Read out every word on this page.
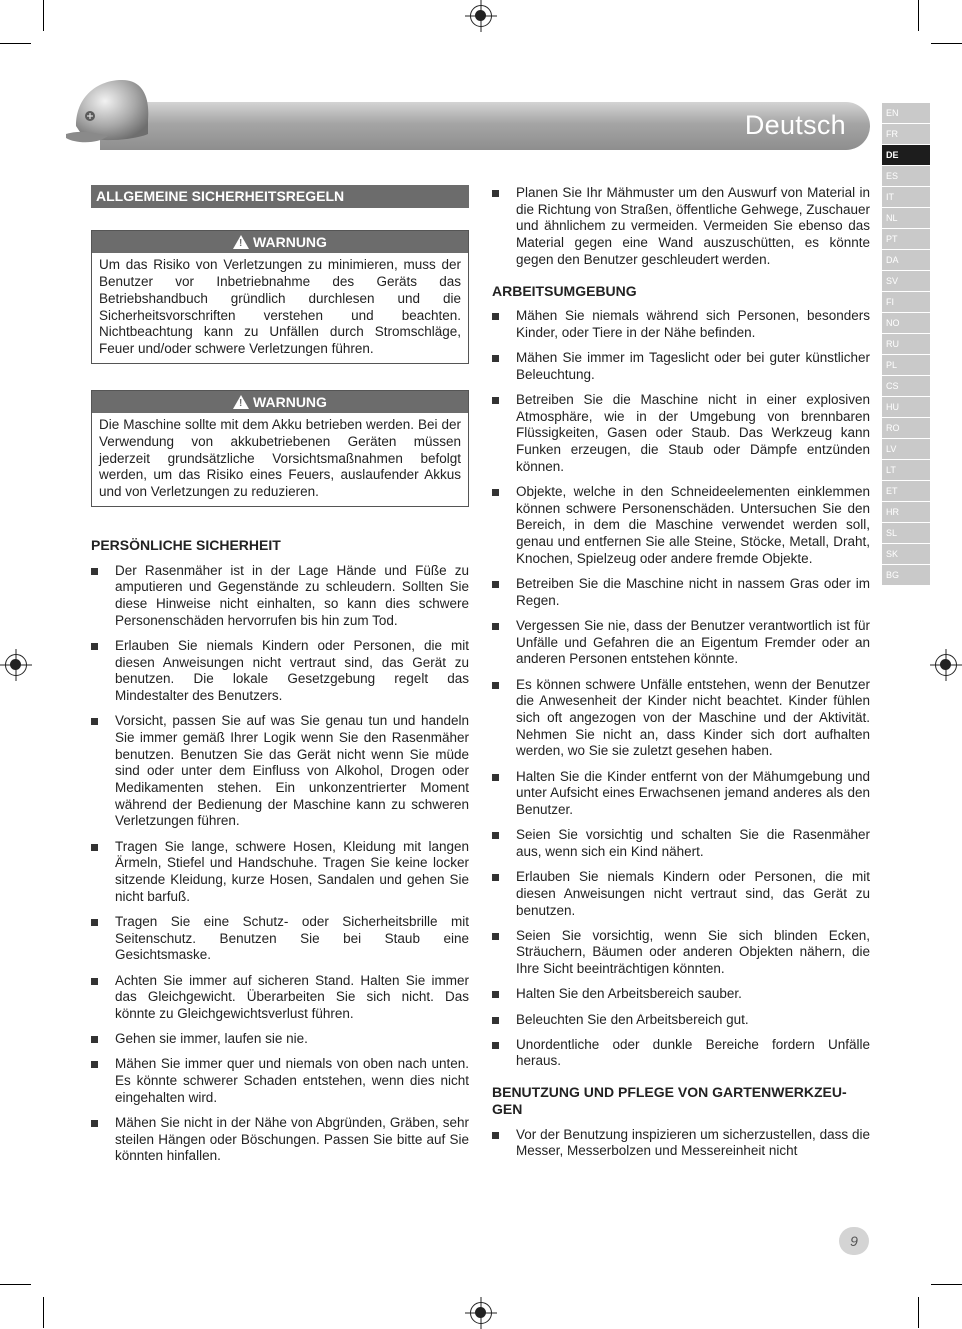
Deutsch	EN
FR
DE
ES
IT
NL
PT
DA
SV
FI
NO
RU
PL
CS
HU
RO
LV
LT
ET
HR
SL
SK
BG
ALLGEMEINE SICHERHEITSREGELN
!WARNUNG
Um das Risiko von Verletzungen zu minimieren, muss der Benutzer vor Inbetriebnahme des Geräts das Betriebshandbuch gründlich durchlesen und die Sicherheitsvorschriften verstehen und beachten. Nichtbeachtung kann zu Unfällen durch Stromschläge, Feuer und/oder schwere Verletzungen führen.
!WARNUNG
Die Maschine sollte mit dem Akku betrieben werden. Bei der Verwendung von akkubetriebenen Geräten müssen jederzeit grundsätzliche Vorsichtsmaßnahmen befolgt werden, um das Risiko eines Feuers, auslaufender Akkus und von Verletzungen zu reduzieren.
PERSÖNLICHE SICHERHEIT
Der Rasenmäher ist in der Lage Hände und Füße zu amputieren und Gegenstände zu schleudern. Sollten Sie diese Hinweise nicht einhalten, so kann dies schwere Personenschäden hervorrufen bis hin zum Tod.
Erlauben Sie niemals Kindern oder Personen, die mit diesen Anweisungen nicht vertraut sind, das Gerät zu benutzen. Die lokale Gesetzgebung regelt das Mindestalter des Benutzers.
Vorsicht, passen Sie auf was Sie genau tun und handeln Sie immer gemäß Ihrer Logik wenn Sie den Rasenmäher benutzen. Benutzen Sie das Gerät nicht wenn Sie müde sind oder unter dem Einfluss von Alkohol, Drogen oder Medikamenten stehen. Ein unkonzentrierter Moment während der Bedienung der Maschine kann zu schweren Verletzungen führen.
Tragen Sie lange, schwere Hosen, Kleidung mit langen Ärmeln, Stiefel und Handschuhe. Tragen Sie keine locker sitzende Kleidung, kurze Hosen, Sandalen und gehen Sie nicht barfuß.
Tragen Sie eine Schutz- oder Sicherheitsbrille mit Seitenschutz. Benutzen Sie bei Staub eine Gesichtsmaske.
Achten Sie immer auf sicheren Stand. Halten Sie immer das Gleichgewicht. Überarbeiten Sie sich nicht. Das könnte zu Gleichgewichtsverlust führen.
Gehen sie immer, laufen sie nie.
Mähen Sie immer quer und niemals von oben nach unten. Es könnte schwerer Schaden entstehen, wenn dies nicht eingehalten wird.
Mähen Sie nicht in der Nähe von Abgründen, Gräben, sehr steilen Hängen oder Böschungen. Passen Sie bitte auf Sie könnten hinfallen.
Planen Sie Ihr Mähmuster um den Auswurf von Material in die Richtung von Straßen, öffentliche Gehwege, Zuschauer und ähnlichem zu vermeiden. Vermeiden Sie ebenso das Material gegen eine Wand auszuschütten, es könnte gegen den Benutzer geschleudert werden.
ARBEITSUMGEBUNG
Mähen Sie niemals während sich Personen, besonders Kinder, oder Tiere in der Nähe befinden.
Mähen Sie immer im Tageslicht oder bei guter künstlicher Beleuchtung.
Betreiben Sie die Maschine nicht in einer explosiven Atmosphäre, wie in der Umgebung von brennbaren Flüssigkeiten, Gasen oder Staub. Das Werkzeug kann Funken erzeugen, die Staub oder Dämpfe entzünden können.
Objekte, welche in den Schneideelementen einklemmen können schwere Personenschäden. Untersuchen Sie den Bereich, in dem die Maschine verwendet werden soll, genau und entfernen Sie alle Steine, Stöcke, Metall, Draht, Knochen, Spielzeug oder andere fremde Objekte.
Betreiben Sie die Maschine nicht in nassem Gras oder im Regen.
Vergessen Sie nie, dass der Benutzer verantwortlich ist für Unfälle und Gefahren die an Eigentum Fremder oder an anderen Personen entstehen könnte.
Es können schwere Unfälle entstehen, wenn der Benutzer die Anwesenheit der Kinder nicht beachtet. Kinder fühlen sich oft angezogen von der Maschine und der Aktivität. Nehmen Sie nicht an, dass Kinder sich dort aufhalten werden, wo Sie sie zuletzt gesehen haben.
Halten Sie die Kinder entfernt von der Mähumgebung und unter Aufsicht eines Erwachsenen jemand anderes als den Benutzer.
Seien Sie vorsichtig und schalten Sie die Rasenmäher aus, wenn sich ein Kind nähert.
Erlauben Sie niemals Kindern oder Personen, die mit diesen Anweisungen nicht vertraut sind, das Gerät zu benutzen.
Seien Sie vorsichtig, wenn Sie sich blinden Ecken, Sträuchern, Bäumen oder anderen Objekten nähern, die Ihre Sicht beeinträchtigen könnten.
Halten Sie den Arbeitsbereich sauber.
Beleuchten Sie den Arbeitsbereich gut.
Unordentliche oder dunkle Bereiche fordern Unfälle heraus.
BENUTZUNG UND PFLEGE VON GARTENWERKZEU-GEN
Vor der Benutzung inspizieren um sicherzustellen, dass die Messer, Messerbolzen und Messereinheit nicht
9
